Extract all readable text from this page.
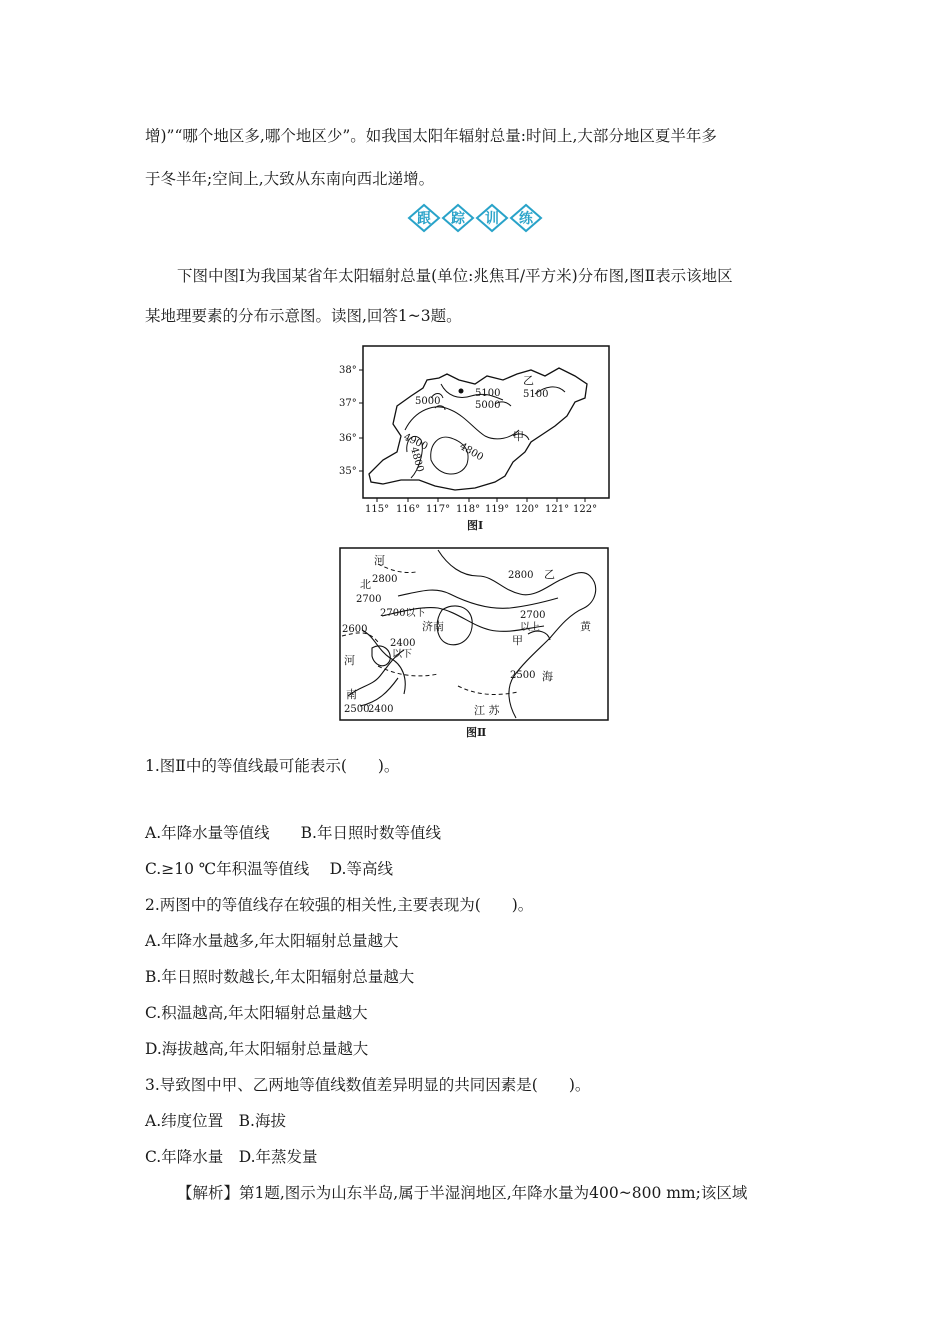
增)”“哪个地区多,哪个地区少”。如我国太阳年辐射总量:时间上,大部分地区夏半年多
于冬半年;空间上,大致从东南向西北递增。
跟 踪 训 练
下图中图Ⅰ为我国某省年太阳辐射总量(单位:兆焦耳/平方米)分布图,图Ⅱ表示该地区
某地理要素的分布示意图。读图,回答1~3题。
38°
37°
36°
35°
115° 116° 117° 118° 119° 120° 121° 122°
5100
5000
5100
5000
4900
4800	4800
乙
甲
图Ⅰ
河
北
河
南
江 苏
黄
海
济南
甲
乙
2800	2800
2700
2700以下
2600
2400
以下
2700
以上
2500
2500
2400
图Ⅱ
1.图Ⅱ中的等值线最可能表示(　　)。
A.年降水量等值线　　B.年日照时数等值线
C.≥10 ℃年积温等值线　 D.等高线
2.两图中的等值线存在较强的相关性,主要表现为(　　)。
A.年降水量越多,年太阳辐射总量越大
B.年日照时数越长,年太阳辐射总量越大
C.积温越高,年太阳辐射总量越大
D.海拔越高,年太阳辐射总量越大
3.导致图中甲、乙两地等值线数值差异明显的共同因素是(　　)。
A.纬度位置　B.海拔
C.年降水量　D.年蒸发量
【解析】第1题,图示为山东半岛,属于半湿润地区,年降水量为400~800 mm;该区域
